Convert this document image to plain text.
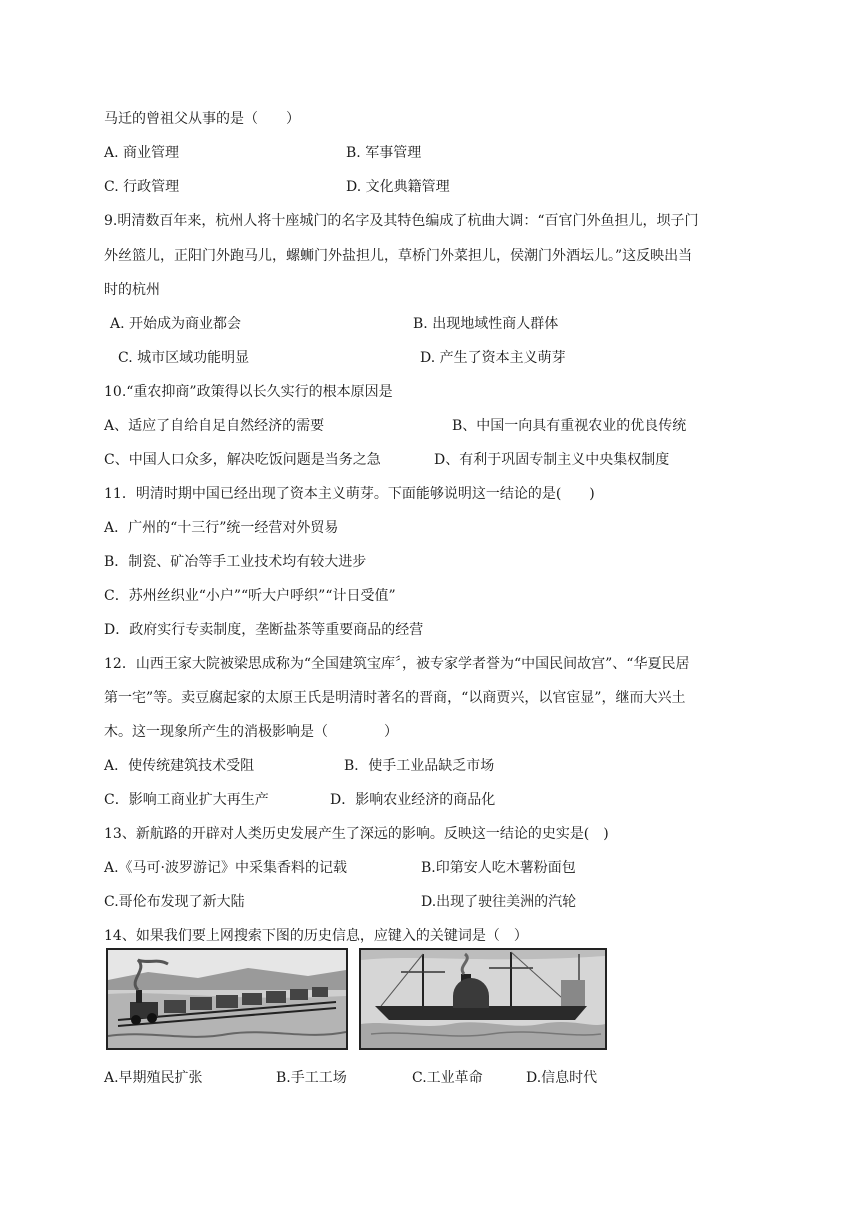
马迁的曾祖父从事的是（　　）
A. 商业管理	B. 军事管理
C. 行政管理	D. 文化典籍管理
9.明清数百年来，杭州人将十座城门的名字及其特色编成了杭曲大调：“百官门外鱼担儿，坝子门
外丝篮儿，正阳门外跑马儿，螺蛳门外盐担儿，草桥门外菜担儿，侯潮门外酒坛儿。”这反映出当
时的杭州
A. 开始成为商业都会	B. 出现地域性商人群体
C. 城市区域功能明显	D. 产生了资本主义萌芽
10.“重农抑商”政策得以长久实行的根本原因是
A、适应了自给自足自然经济的需要	B、中国一向具有重视农业的优良传统
C、中国人口众多，解决吃饭问题是当务之急	D、有利于巩固专制主义中央集权制度
11．明清时期中国已经出现了资本主义萌芽。下面能够说明这一结论的是(　　)
A．广州的“十三行”统一经营对外贸易
B．制瓷、矿冶等手工业技术均有较大进步
C．苏州丝织业“小户”“听大户呼织”“计日受值”
D．政府实行专卖制度，垄断盐茶等重要商品的经营
12．山西王家大院被梁思成称为“全国建筑宝库〞，被专家学者誉为“中国民间故宫”、“华夏民居
第一宅”等。卖豆腐起家的太原王氏是明清时著名的晋商，“以商贾兴，以官宦显”，继而大兴土
木。这一现象所产生的消极影响是（　　　　）
A．使传统建筑技术受阻	B．使手工业品缺乏市场
C．影响工商业扩大再生产	D．影响农业经济的商品化
13、新航路的开辟对人类历史发展产生了深远的影响。反映这一结论的史实是(　)
A.《马可·波罗游记》中采集香料的记载	B.印第安人吃木薯粉面包
C.哥伦布发现了新大陆	D.出现了驶往美洲的汽轮
14、如果我们要上网搜索下图的历史信息，应键入的关键词是（　）
A.早期殖民扩张	B.手工工场	C.工业革命	D.信息时代
